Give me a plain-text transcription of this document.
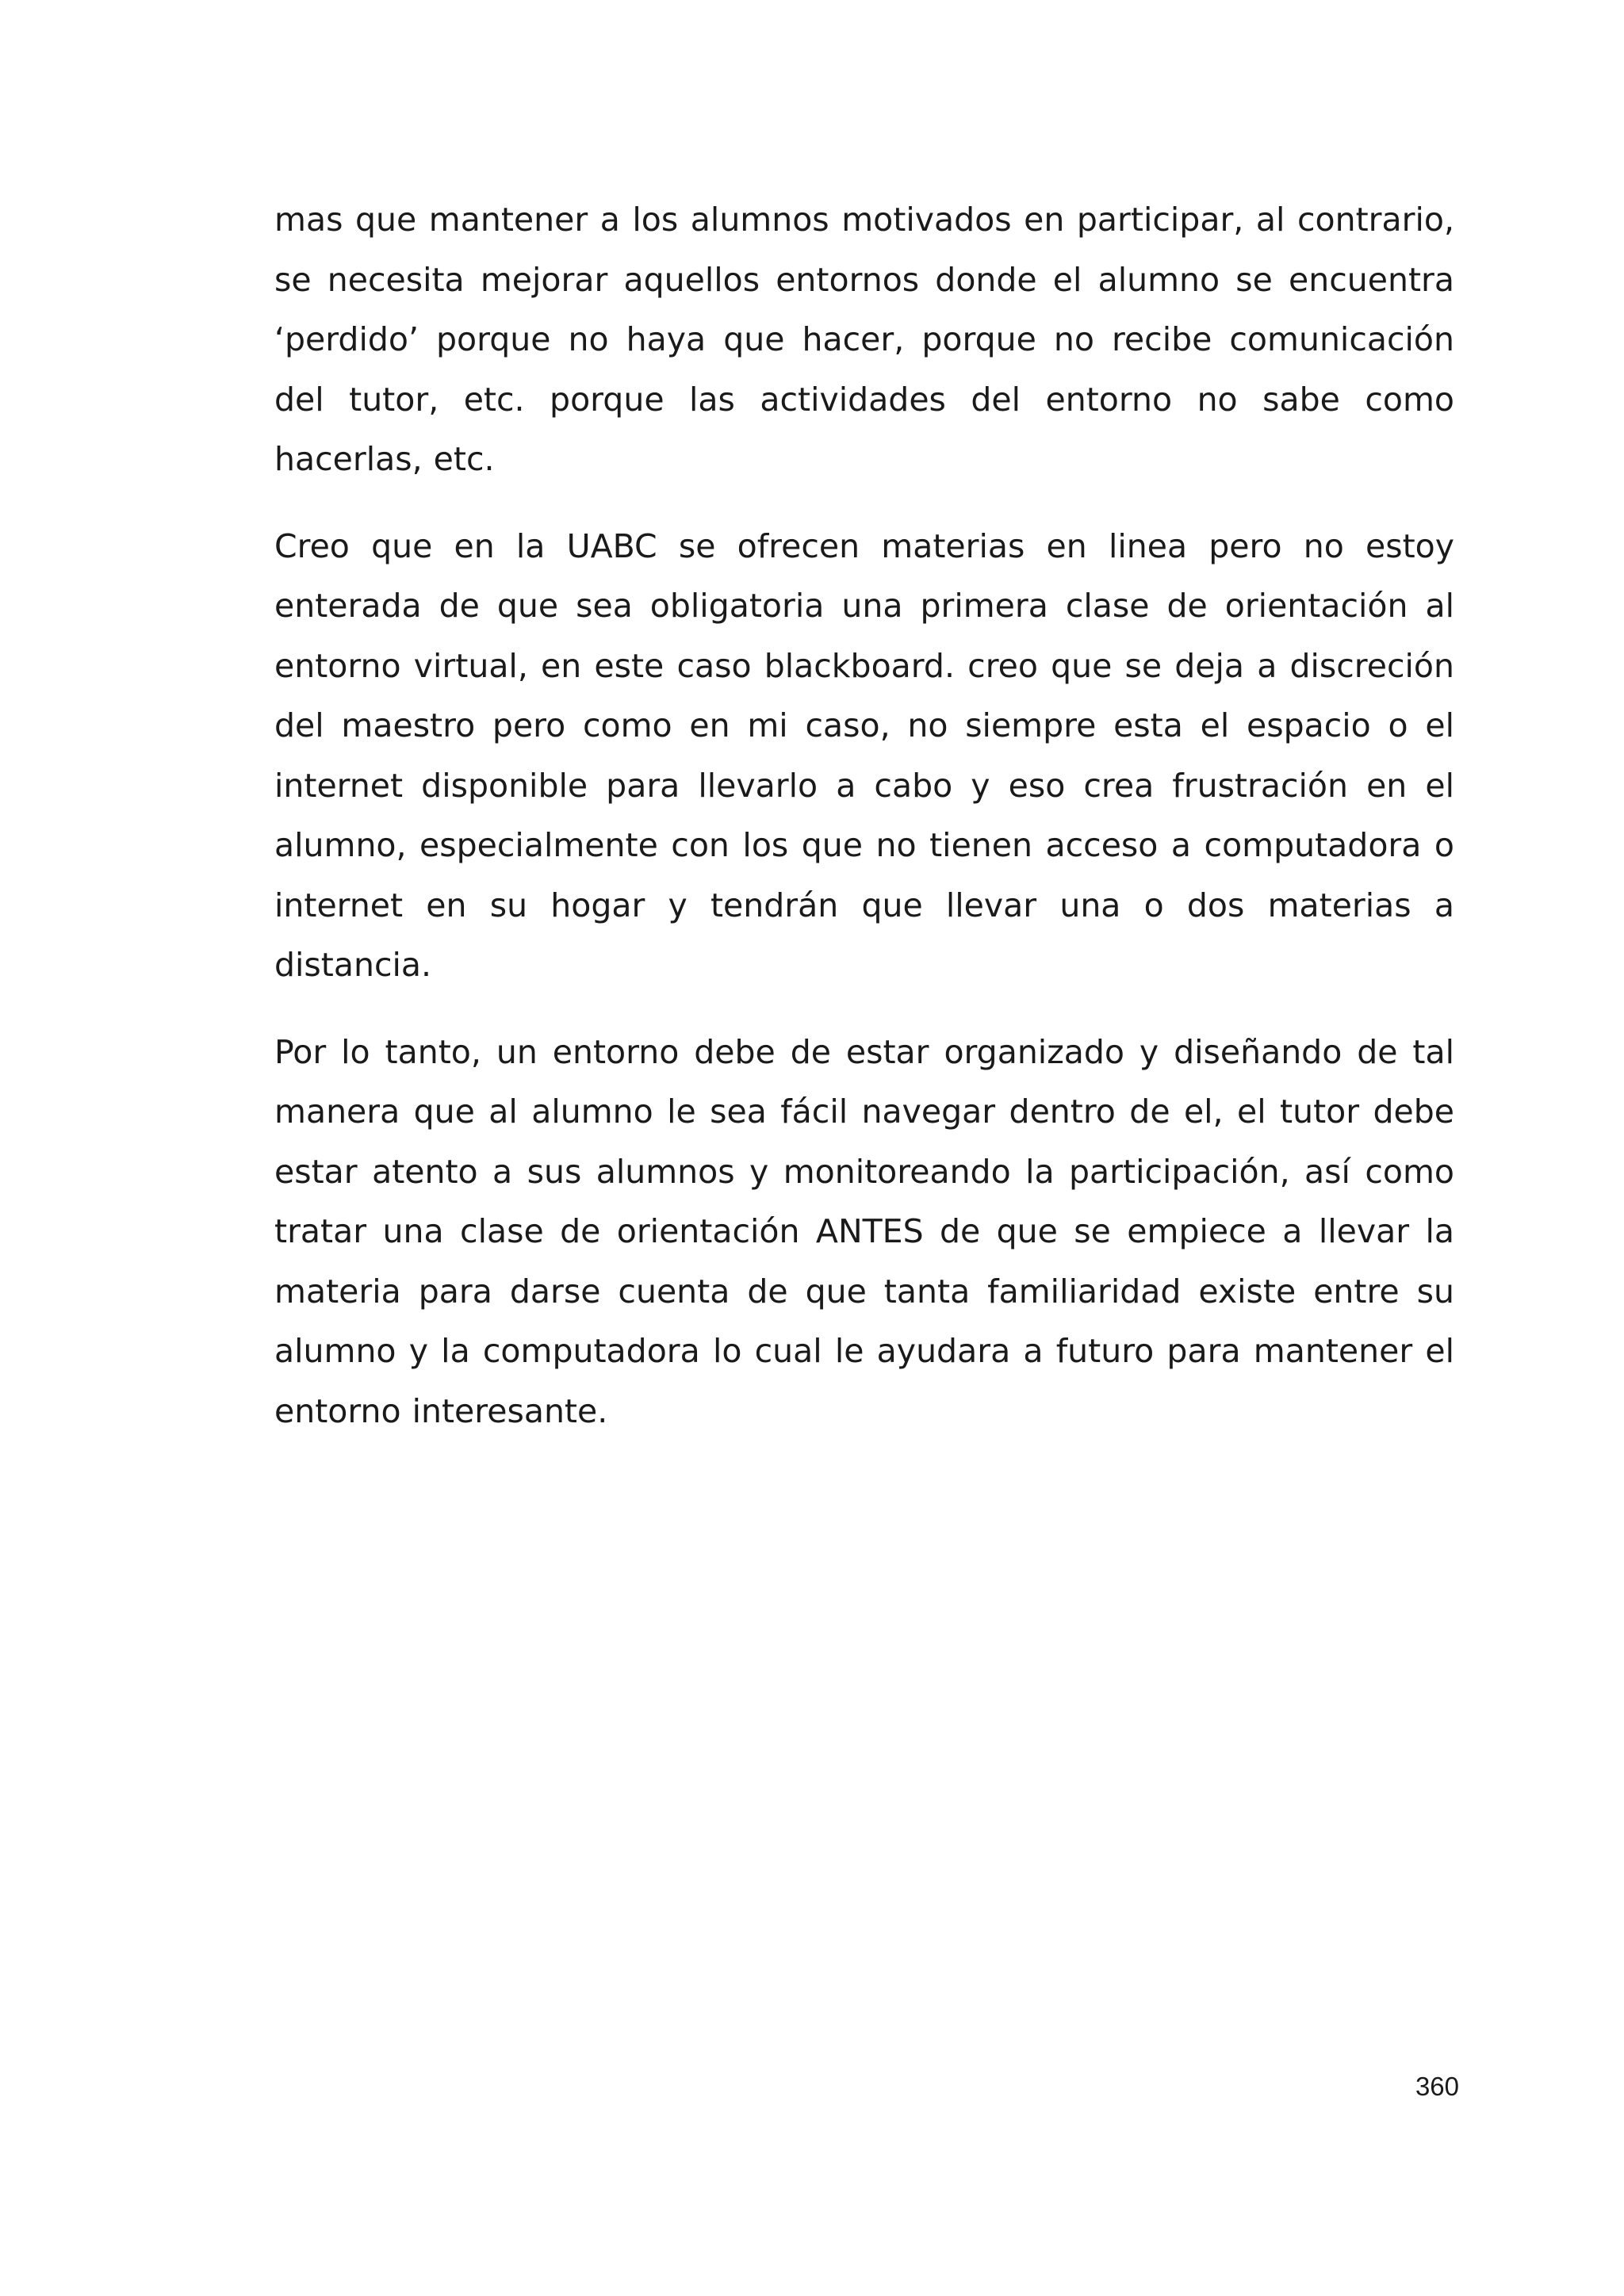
mas que mantener a los alumnos motivados en participar, al contrario,
se necesita mejorar aquellos entornos donde el alumno se encuentra
‘perdido’ porque no haya que hacer, porque no recibe comunicación
del tutor, etc. porque las actividades del entorno no sabe como
hacerlas, etc.

Creo que en la UABC se ofrecen materias en linea pero no estoy
enterada de que sea obligatoria una primera clase de orientación al
entorno virtual, en este caso blackboard. creo que se deja a discreción
del maestro pero como en mi caso, no siempre esta el espacio o el
internet disponible para llevarlo a cabo y eso crea frustración en el
alumno, especialmente con los que no tienen acceso a computadora o
internet en su hogar y tendrán que llevar una o dos materias a
distancia.

Por lo tanto, un entorno debe de estar organizado y diseñando de tal
manera que al alumno le sea fácil navegar dentro de el, el tutor debe
estar atento a sus alumnos y monitoreando la participación, así como
tratar una clase de orientación ANTES de que se empiece a llevar la
materia para darse cuenta de que tanta familiaridad existe entre su
alumno y la computadora lo cual le ayudara a futuro para mantener el
entorno interesante.

360
